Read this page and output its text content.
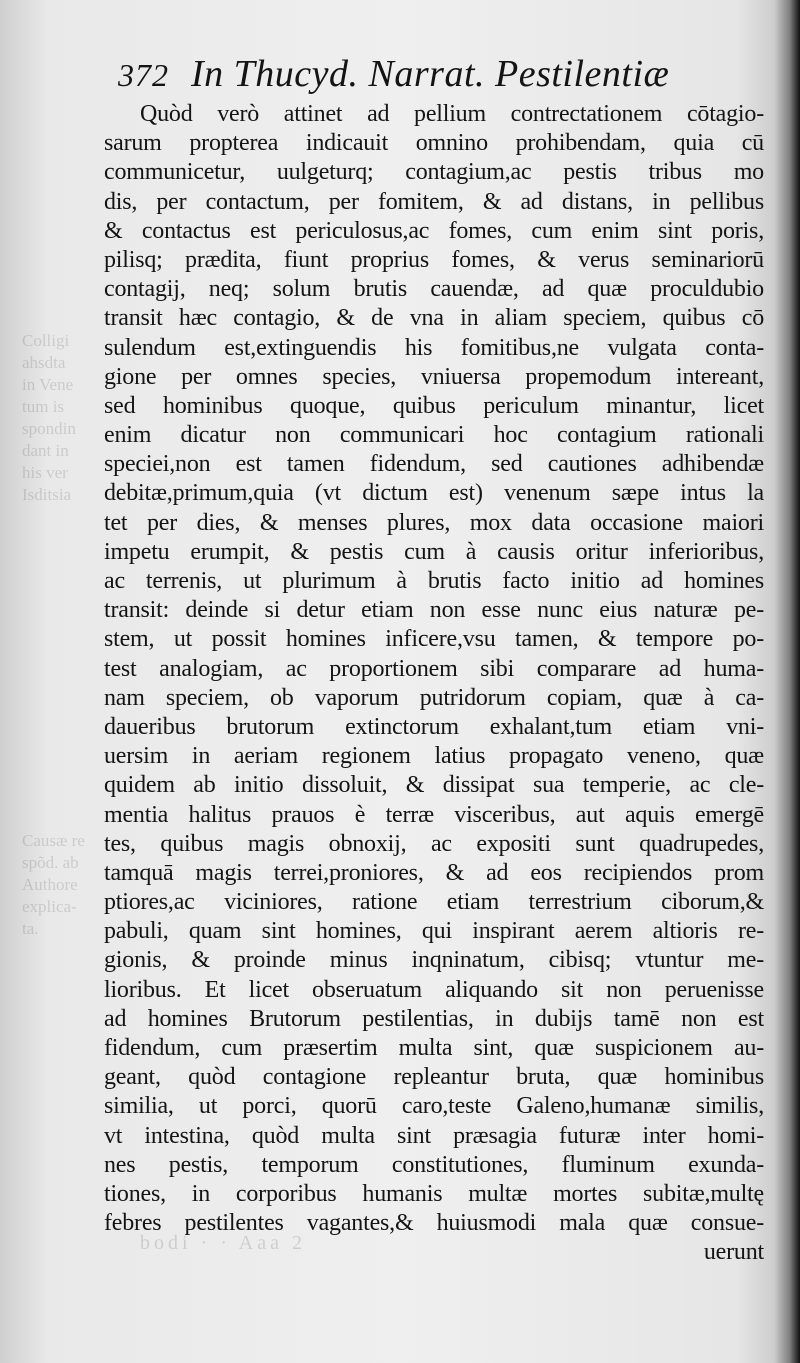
Colligi
ahsdta
in Vene
tum is
spondin
dant in
his ver
Isditsia
Causæ re
spõd. ab
Authore
explica-
ta.
bodi · · Aaa 2
372 In Thucyd. Narrat. Pestilentiæ
Quòd verò attinet ad pellium contrectationem cōtagio-
sarum propterea indicauit omnino prohibendam, quia cū
communicetur, uulgeturq; contagium,ac pestis tribus mo
dis, per contactum, per fomitem, & ad distans, in pellibus
& contactus est periculosus,ac fomes, cum enim sint poris,
pilisq; prædita, fiunt proprius fomes, & verus seminariorū
contagij, neq; solum brutis cauendæ, ad quæ proculdubio
transit hæc contagio, & de vna in aliam speciem, quibus cō
sulendum est,extinguendis his fomitibus,ne vulgata conta-
gione per omnes species, vniuersa propemodum intereant,
sed hominibus quoque, quibus periculum minantur, licet
enim dicatur non communicari hoc contagium rationali
speciei,non est tamen fidendum, sed cautiones adhibendæ
debitæ,primum,quia (vt dictum est) venenum sæpe intus la
tet per dies, & menses plures, mox data occasione maiori
impetu erumpit, & pestis cum à causis oritur inferioribus,
ac terrenis, ut plurimum à brutis facto initio ad homines
transit: deinde si detur etiam non esse nunc eius naturæ pe-
stem, ut possit homines inficere,vsu tamen, & tempore po-
test analogiam, ac proportionem sibi comparare ad huma-
nam speciem, ob vaporum putridorum copiam, quæ à ca-
daueribus brutorum extinctorum exhalant,tum etiam vni-
uersim in aeriam regionem latius propagato veneno, quæ
quidem ab initio dissoluit, & dissipat sua temperie, ac cle-
mentia halitus prauos è terræ visceribus, aut aquis emergē
tes, quibus magis obnoxij, ac expositi sunt quadrupedes,
tamquā magis terrei,proniores, & ad eos recipiendos prom
ptiores,ac viciniores, ratione etiam terrestrium ciborum,&
pabuli, quam sint homines, qui inspirant aerem altioris re-
gionis, & proinde minus inqninatum, cibisq; vtuntur me-
lioribus. Et licet obseruatum aliquando sit non peruenisse
ad homines Brutorum pestilentias, in dubijs tamē non est
fidendum, cum præsertim multa sint, quæ suspicionem au-
geant, quòd contagione repleantur bruta, quæ hominibus
similia, ut porci, quorū caro,teste Galeno,humanæ similis,
vt intestina, quòd multa sint præsagia futuræ inter homi-
nes pestis, temporum constitutiones, fluminum exunda-
tiones, in corporibus humanis multæ mortes subitæ,multę
febres pestilentes vagantes,& huiusmodi mala quæ consue-
uerunt
